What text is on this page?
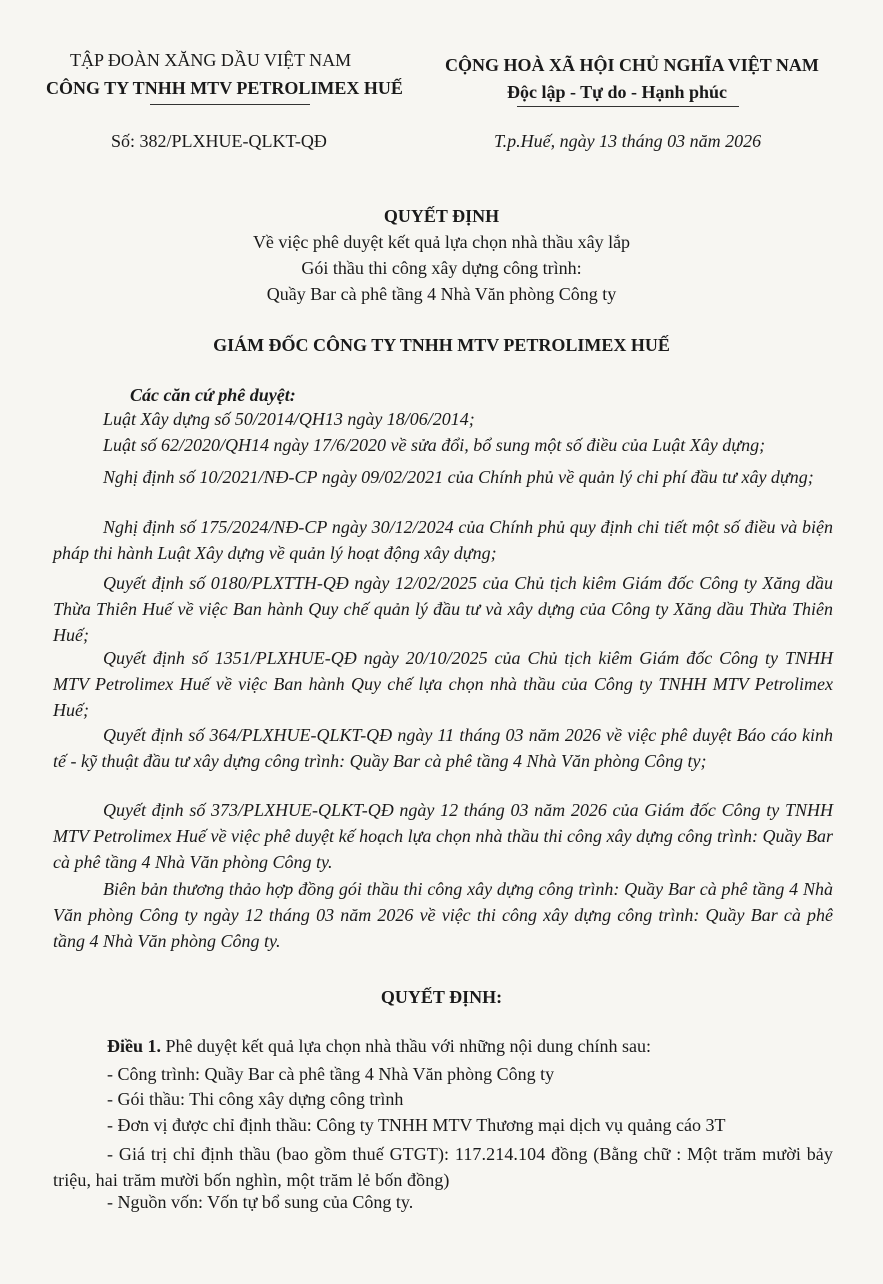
TẬP ĐOÀN XĂNG DẦU VIỆT NAM
CÔNG TY TNHH MTV PETROLIMEX HUẾ
CỘNG HOÀ XÃ HỘI CHỦ NGHĨA VIỆT NAM
Độc lập - Tự do - Hạnh phúc
Số: 382/PLXHUE-QLKT-QĐ	T.p.Huế, ngày 13 tháng 03 năm 2026
QUYẾT ĐỊNH
Về việc phê duyệt kết quả lựa chọn nhà thầu xây lắp
Gói thầu thi công xây dựng công trình:
Quầy Bar cà phê tầng 4 Nhà Văn phòng Công ty
GIÁM ĐỐC CÔNG TY TNHH MTV PETROLIMEX HUẾ
Các căn cứ phê duyệt:
Luật Xây dựng số 50/2014/QH13 ngày 18/06/2014;
Luật số 62/2020/QH14 ngày 17/6/2020 về sửa đổi, bổ sung một số điều của Luật Xây dựng;
Nghị định số 10/2021/NĐ-CP ngày 09/02/2021 của Chính phủ về quản lý chi phí đầu tư xây dựng;
Nghị định số 175/2024/NĐ-CP ngày 30/12/2024 của Chính phủ quy định chi tiết một số điều và biện pháp thi hành Luật Xây dựng về quản lý hoạt động xây dựng;
Quyết định số 0180/PLXTTH-QĐ ngày 12/02/2025 của Chủ tịch kiêm Giám đốc Công ty Xăng dầu Thừa Thiên Huế về việc Ban hành Quy chế quản lý đầu tư và xây dựng của Công ty Xăng dầu Thừa Thiên Huế;
Quyết định số 1351/PLXHUE-QĐ ngày 20/10/2025 của Chủ tịch kiêm Giám đốc Công ty TNHH MTV Petrolimex Huế về việc Ban hành Quy chế lựa chọn nhà thầu của Công ty TNHH MTV Petrolimex Huế;
Quyết định số 364/PLXHUE-QLKT-QĐ ngày 11 tháng 03 năm 2026 về việc phê duyệt Báo cáo kinh tế - kỹ thuật đầu tư xây dựng công trình: Quầy Bar cà phê tầng 4 Nhà Văn phòng Công ty;
Quyết định số 373/PLXHUE-QLKT-QĐ ngày 12 tháng 03 năm 2026 của Giám đốc Công ty TNHH MTV Petrolimex Huế về việc phê duyệt kế hoạch lựa chọn nhà thầu thi công xây dựng công trình: Quầy Bar cà phê tầng 4 Nhà Văn phòng Công ty.
Biên bản thương thảo hợp đồng gói thầu thi công xây dựng công trình: Quầy Bar cà phê tầng 4 Nhà Văn phòng Công ty ngày 12 tháng 03 năm 2026 về việc thi công xây dựng công trình: Quầy Bar cà phê tầng 4 Nhà Văn phòng Công ty.
QUYẾT ĐỊNH:
Điều 1. Phê duyệt kết quả lựa chọn nhà thầu với những nội dung chính sau:
- Công trình: Quầy Bar cà phê tầng 4 Nhà Văn phòng Công ty
- Gói thầu: Thi công xây dựng công trình
- Đơn vị được chỉ định thầu: Công ty TNHH MTV Thương mại dịch vụ quảng cáo 3T
- Giá trị chỉ định thầu (bao gồm thuế GTGT): 117.214.104 đồng (Bằng chữ : Một trăm mười bảy triệu, hai trăm mười bốn nghìn, một trăm lẻ bốn đồng)
- Nguồn vốn: Vốn tự bổ sung của Công ty.
